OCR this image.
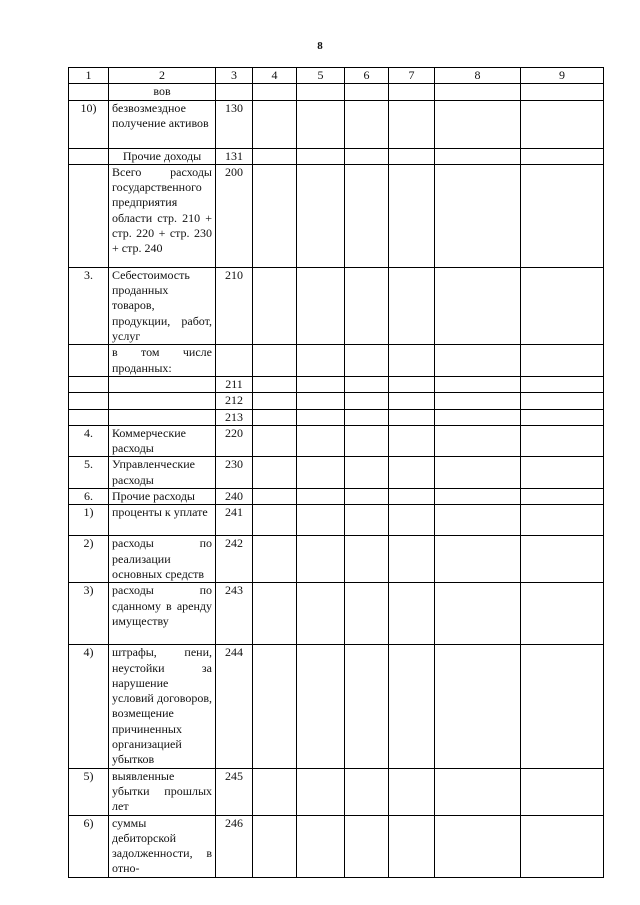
8
1	2	3	4	5	6	7	8	9
	вов							
10)	безвозмездное получение активов	130						
	Прочие доходы	131						
	Всего расходы государственного предприятия области стр. 210 + стр. 220 + стр. 230 + стр. 240	200						
3.	Себестоимость проданных товаров, продукции, работ, услуг	210						
	в том числе проданных:							
		211						
		212						
		213						
4.	Коммерческие расходы	220						
5.	Управленческие расходы	230						
6.	Прочие расходы	240						
1)	проценты к уплате	241						
2)	расходы по реализации основных средств	242						
3)	расходы по сданному в аренду имуществу	243						
4)	штрафы, пени, неустойки за нарушение условий договоров, возмещение причиненных организацией убытков	244						
5)	выявленные убытки прошлых лет	245						
6)	суммы дебиторской задолженности, в отно-	246						
